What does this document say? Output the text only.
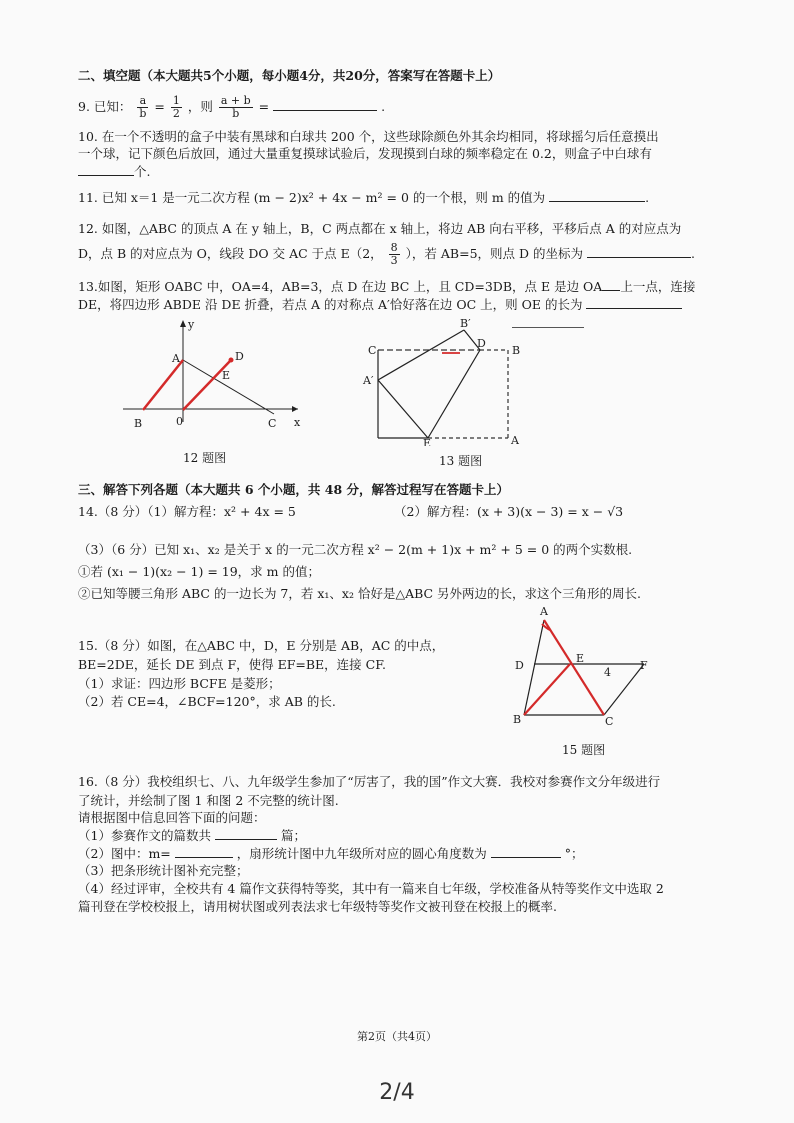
二、填空题（本大题共5个小题，每小题4分，共20分，答案写在答题卡上）
9. 已知： $\frac{a}{b} = \frac{1}{2}$ ，则 $\frac{a + b}{b}$ =	.
10. 在一个不透明的盒子中装有黑球和白球共 200 个，这些球除颜色外其余均相同，将球摇匀后任意摸出
一个球，记下颜色后放回，通过大量重复摸球试验后，发现摸到白球的频率稳定在 0.2，则盒子中白球有
个.
11. 已知 x＝1 是一元二次方程 (m − 2)x² + 4x − m² = 0 的一个根，则 m 的值为	.
12. 如图，△ABC 的顶点 A 在 y 轴上，B，C 两点都在 x 轴上，将边 AB 向右平移，平移后点 A 的对应点为
D，点 B 的对应点为 O，线段 DO 交 AC 于点 E（2， $\frac{8}{3}$ ），若 AB=5，则点 D 的坐标为	.
13.如图，矩形 OABC 中，OA=4，AB=3，点 D 在边 BC 上，且 CD=3DB，点 E 是边 OA 上一点，连接
DE，将四边形 ABDE 沿 DE 折叠，若点 A 的对称点 A′恰好落在边 OC 上，则 OE 的长为
y
x
A	D
E
B	0	C
12 题图
B′
C
D
B
A′
E	A
13 题图
三、解答下列各题（本大题共 6 个小题，共 48 分，解答过程写在答题卡上）
14.（8 分）（1）解方程：x² + 4x = 5	（2）解方程：(x + 3)(x − 3) = x − √3
（3）（6 分）已知 x₁、x₂ 是关于 x 的一元二次方程 x² − 2(m + 1)x + m² + 5 = 0 的两个实数根.
①若 (x₁ − 1)(x₂ − 1) = 19，求 m 的值；
②已知等腰三角形 ABC 的一边长为 7，若 x₁、x₂ 恰好是△ABC 另外两边的长，求这个三角形的周长.
15.（8 分）如图，在△ABC 中，D，E 分别是 AB，AC 的中点，
BE=2DE，延长 DE 到点 F，使得 EF=BE，连接 CF.
（1）求证：四边形 BCFE 是菱形；
（2）若 CE=4，∠BCF=120°，求 AB 的长.
A
D
E
F
4
B	C
15 题图
16.（8 分）我校组织七、八、九年级学生参加了“厉害了，我的国”作文大赛．我校对参赛作文分年级进行
了统计，并绘制了图 1 和图 2 不完整的统计图.
请根据图中信息回答下面的问题：
（1）参赛作文的篇数共	篇；
（2）图中：m=	，扇形统计图中九年级所对应的圆心角度数为	°；
（3）把条形统计图补充完整；
（4）经过评审，全校共有 4 篇作文获得特等奖，其中有一篇来自七年级，学校准备从特等奖作文中选取 2
篇刊登在学校校报上，请用树状图或列表法求七年级特等奖作文被刊登在校报上的概率.
第2页（共4页）
2/4
